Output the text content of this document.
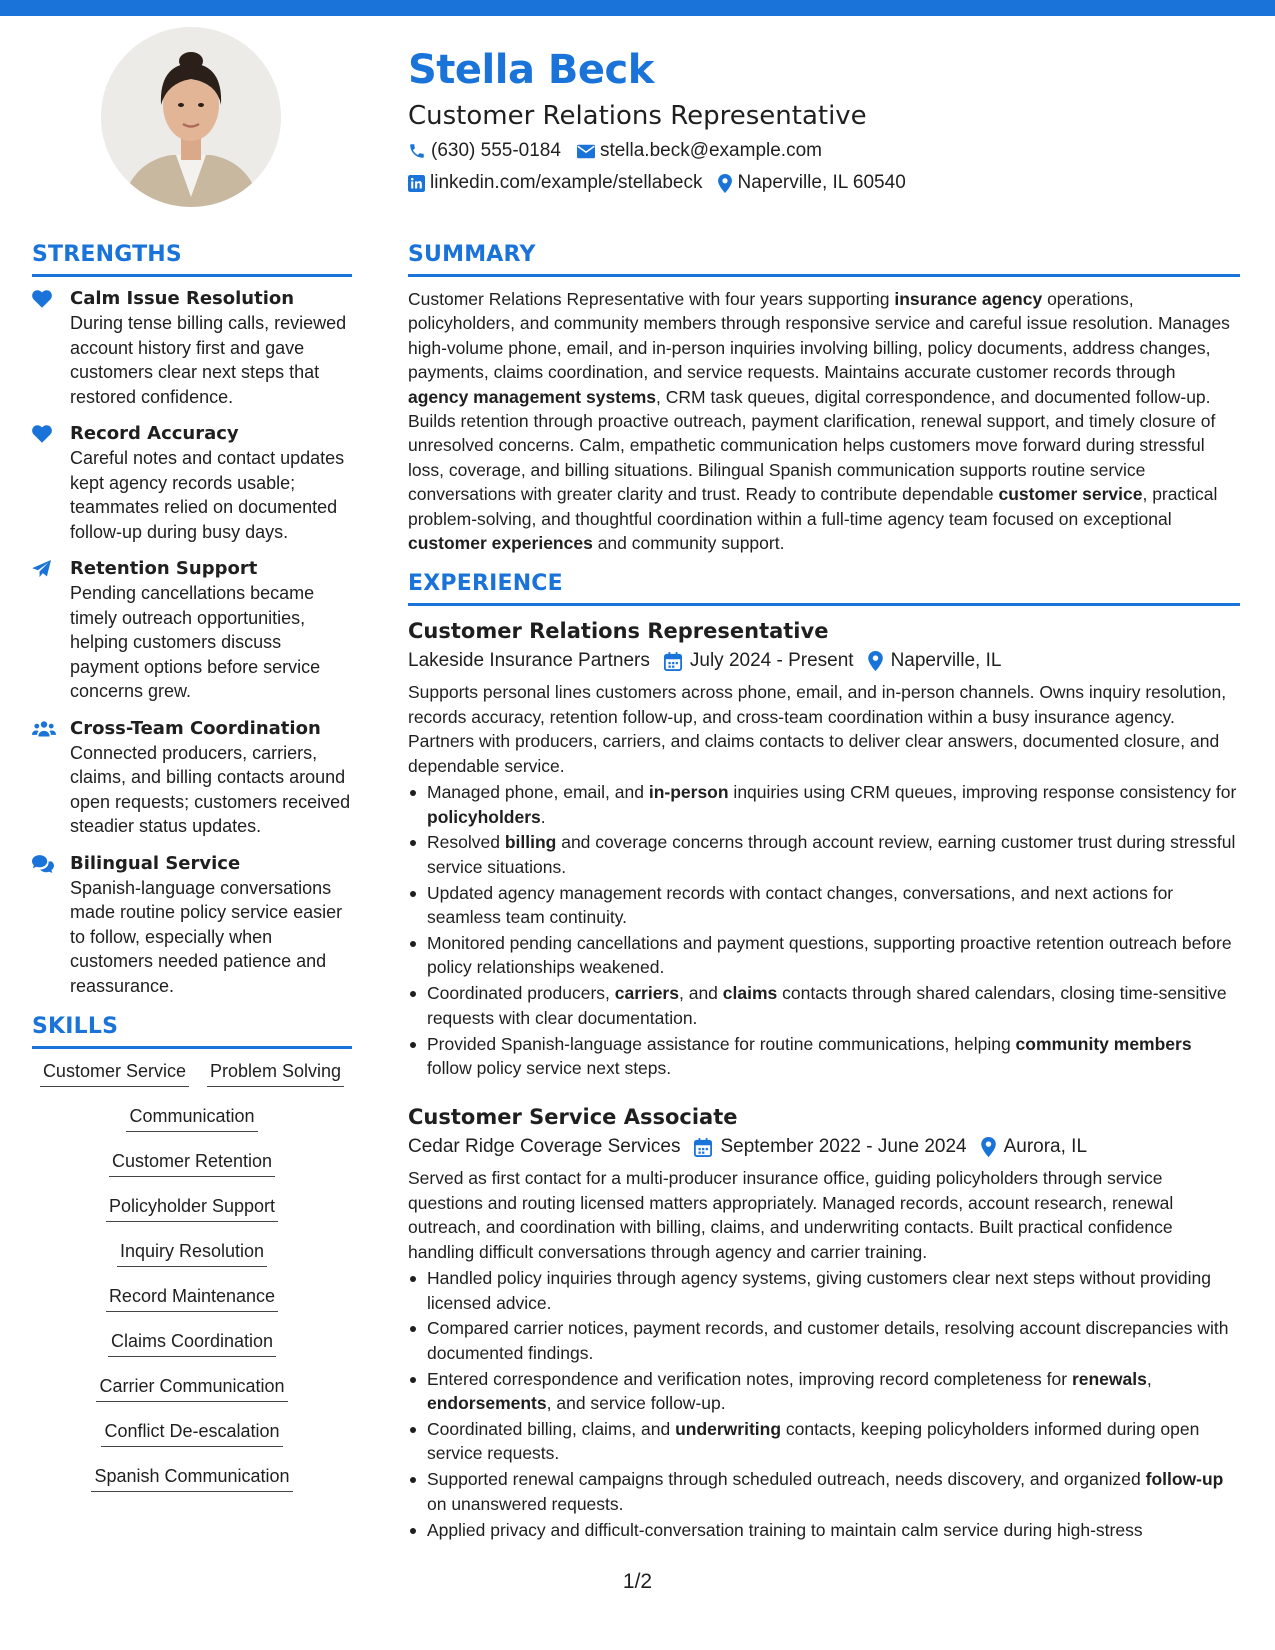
Stella Beck
Customer Relations Representative
(630) 555-0184 stella.beck@example.com
linkedin.com/example/stellabeck Naperville, IL 60540
STRENGTHS
Calm Issue Resolution
During tense billing calls, reviewed account history first and gave customers clear next steps that restored confidence.
Record Accuracy
Careful notes and contact updates kept agency records usable; teammates relied on documented follow-up during busy days.
Retention Support
Pending cancellations became timely outreach opportunities, helping customers discuss payment options before service concerns grew.
Cross-Team Coordination
Connected producers, carriers, claims, and billing contacts around open requests; customers received steadier status updates.
Bilingual Service
Spanish-language conversations made routine policy service easier to follow, especially when customers needed patience and reassurance.
SKILLS
Customer Service Problem Solving
Communication
Customer Retention
Policyholder Support
Inquiry Resolution
Record Maintenance
Claims Coordination
Carrier Communication
Conflict De-escalation
Spanish Communication
SUMMARY

Customer Relations Representative with four years supporting insurance agency operations, policyholders, and community members through responsive service and careful issue resolution. Manages high-volume phone, email, and in-person inquiries involving billing, policy documents, address changes, payments, claims coordination, and service requests. Maintains accurate customer records through agency management systems, CRM task queues, digital correspondence, and documented follow-up. Builds retention through proactive outreach, payment clarification, renewal support, and timely closure of unresolved concerns. Calm, empathetic communication helps customers move forward during stressful loss, coverage, and billing situations. Bilingual Spanish communication supports routine service conversations with greater clarity and trust. Ready to contribute dependable customer service, practical problem-solving, and thoughtful coordination within a full-time agency team focused on exceptional customer experiences and community support.

EXPERIENCE
Customer Relations Representative
Lakeside Insurance Partners July 2024 - Present Naperville, IL
Supports personal lines customers across phone, email, and in-person channels. Owns inquiry resolution, records accuracy, retention follow-up, and cross-team coordination within a busy insurance agency. Partners with producers, carriers, and claims contacts to deliver clear answers, documented closure, and dependable service.
Managed phone, email, and in-person inquiries using CRM queues, improving response consistency for policyholders.
Resolved billing and coverage concerns through account review, earning customer trust during stressful service situations.
Updated agency management records with contact changes, conversations, and next actions for seamless team continuity.
Monitored pending cancellations and payment questions, supporting proactive retention outreach before policy relationships weakened.
Coordinated producers, carriers, and claims contacts through shared calendars, closing time-sensitive requests with clear documentation.
Provided Spanish-language assistance for routine communications, helping community members follow policy service next steps.
Customer Service Associate
Cedar Ridge Coverage Services September 2022 - June 2024 Aurora, IL
Served as first contact for a multi-producer insurance office, guiding policyholders through service questions and routing licensed matters appropriately. Managed records, account research, renewal outreach, and coordination with billing, claims, and underwriting contacts. Built practical confidence handling difficult conversations through agency and carrier training.
Handled policy inquiries through agency systems, giving customers clear next steps without providing licensed advice.
Compared carrier notices, payment records, and customer details, resolving account discrepancies with documented findings.
Entered correspondence and verification notes, improving record completeness for renewals, endorsements, and service follow-up.
Coordinated billing, claims, and underwriting contacts, keeping policyholders informed during open service requests.
Supported renewal campaigns through scheduled outreach, needs discovery, and organized follow-up on unanswered requests.
Applied privacy and difficult-conversation training to maintain calm service during high-stress
1/2
